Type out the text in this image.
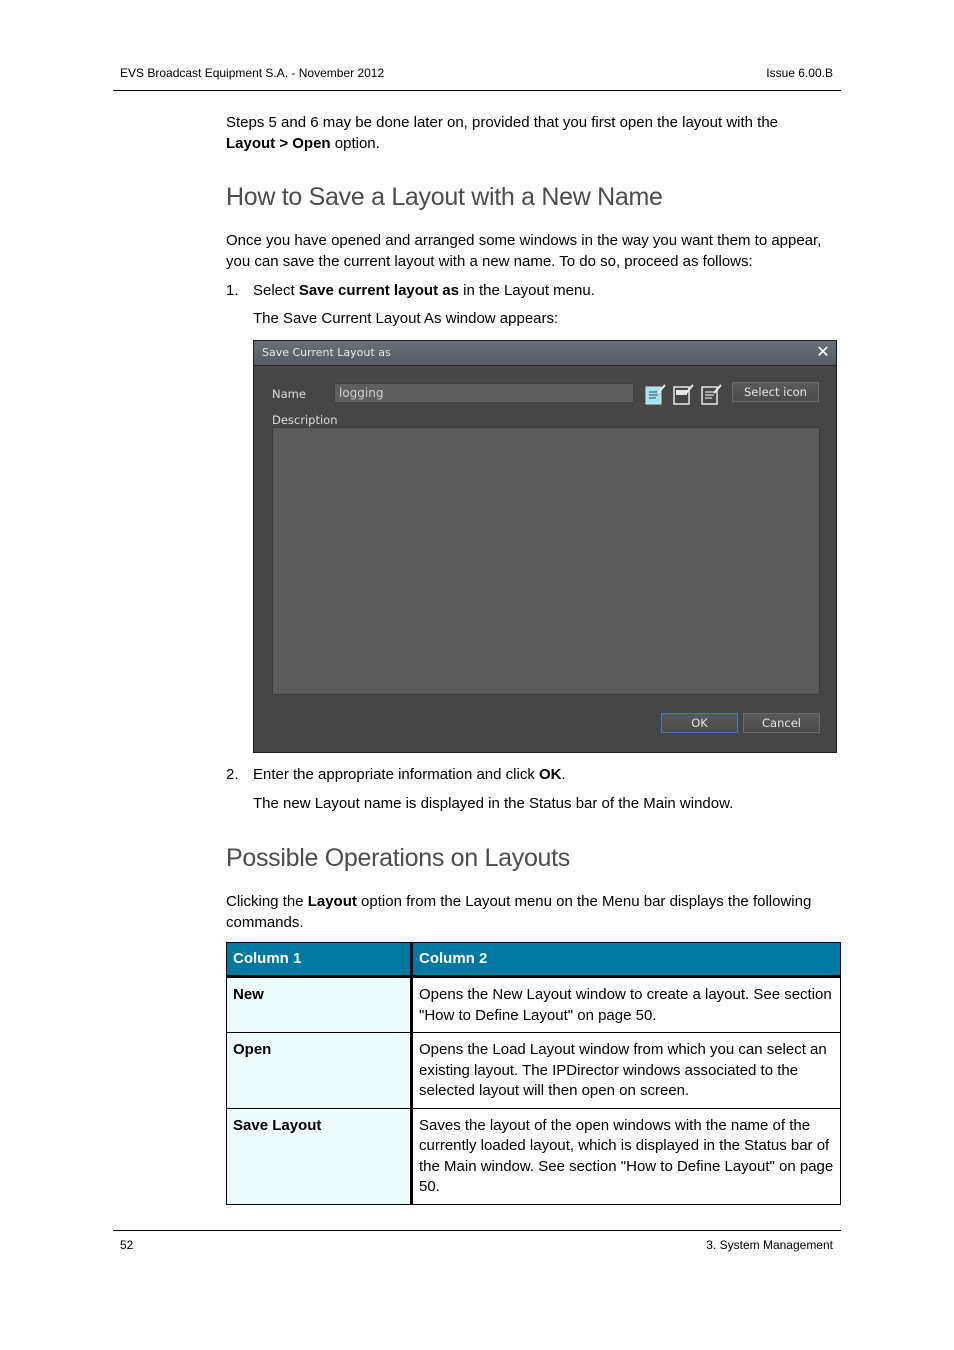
EVS Broadcast Equipment S.A. - November 2012	Issue 6.00.B
Steps 5 and 6 may be done later on, provided that you first open the layout with the
Layout > Open option.
How to Save a Layout with a New Name
Once you have opened and arranged some windows in the way you want them to appear,
you can save the current layout with a new name. To do so, proceed as follows:
1. Select Save current layout as in the Layout menu.
The Save Current Layout As window appears:
Save Current Layout as	✕
Name	logging	Select icon
Description
OK	Cancel
2. Enter the appropriate information and click OK.
The new Layout name is displayed in the Status bar of the Main window.
Possible Operations on Layouts
Clicking the Layout option from the Layout menu on the Menu bar displays the following
commands.
Column 1	Column 2
New	Opens the New Layout window to create a layout. See section "How to Define Layout" on page 50.
Open	Opens the Load Layout window from which you can select an existing layout. The IPDirector windows associated to the selected layout will then open on screen.
Save Layout	Saves the layout of the open windows with the name of the currently loaded layout, which is displayed in the Status bar of the Main window. See section "How to Define Layout" on page 50.
52	3. System Management
